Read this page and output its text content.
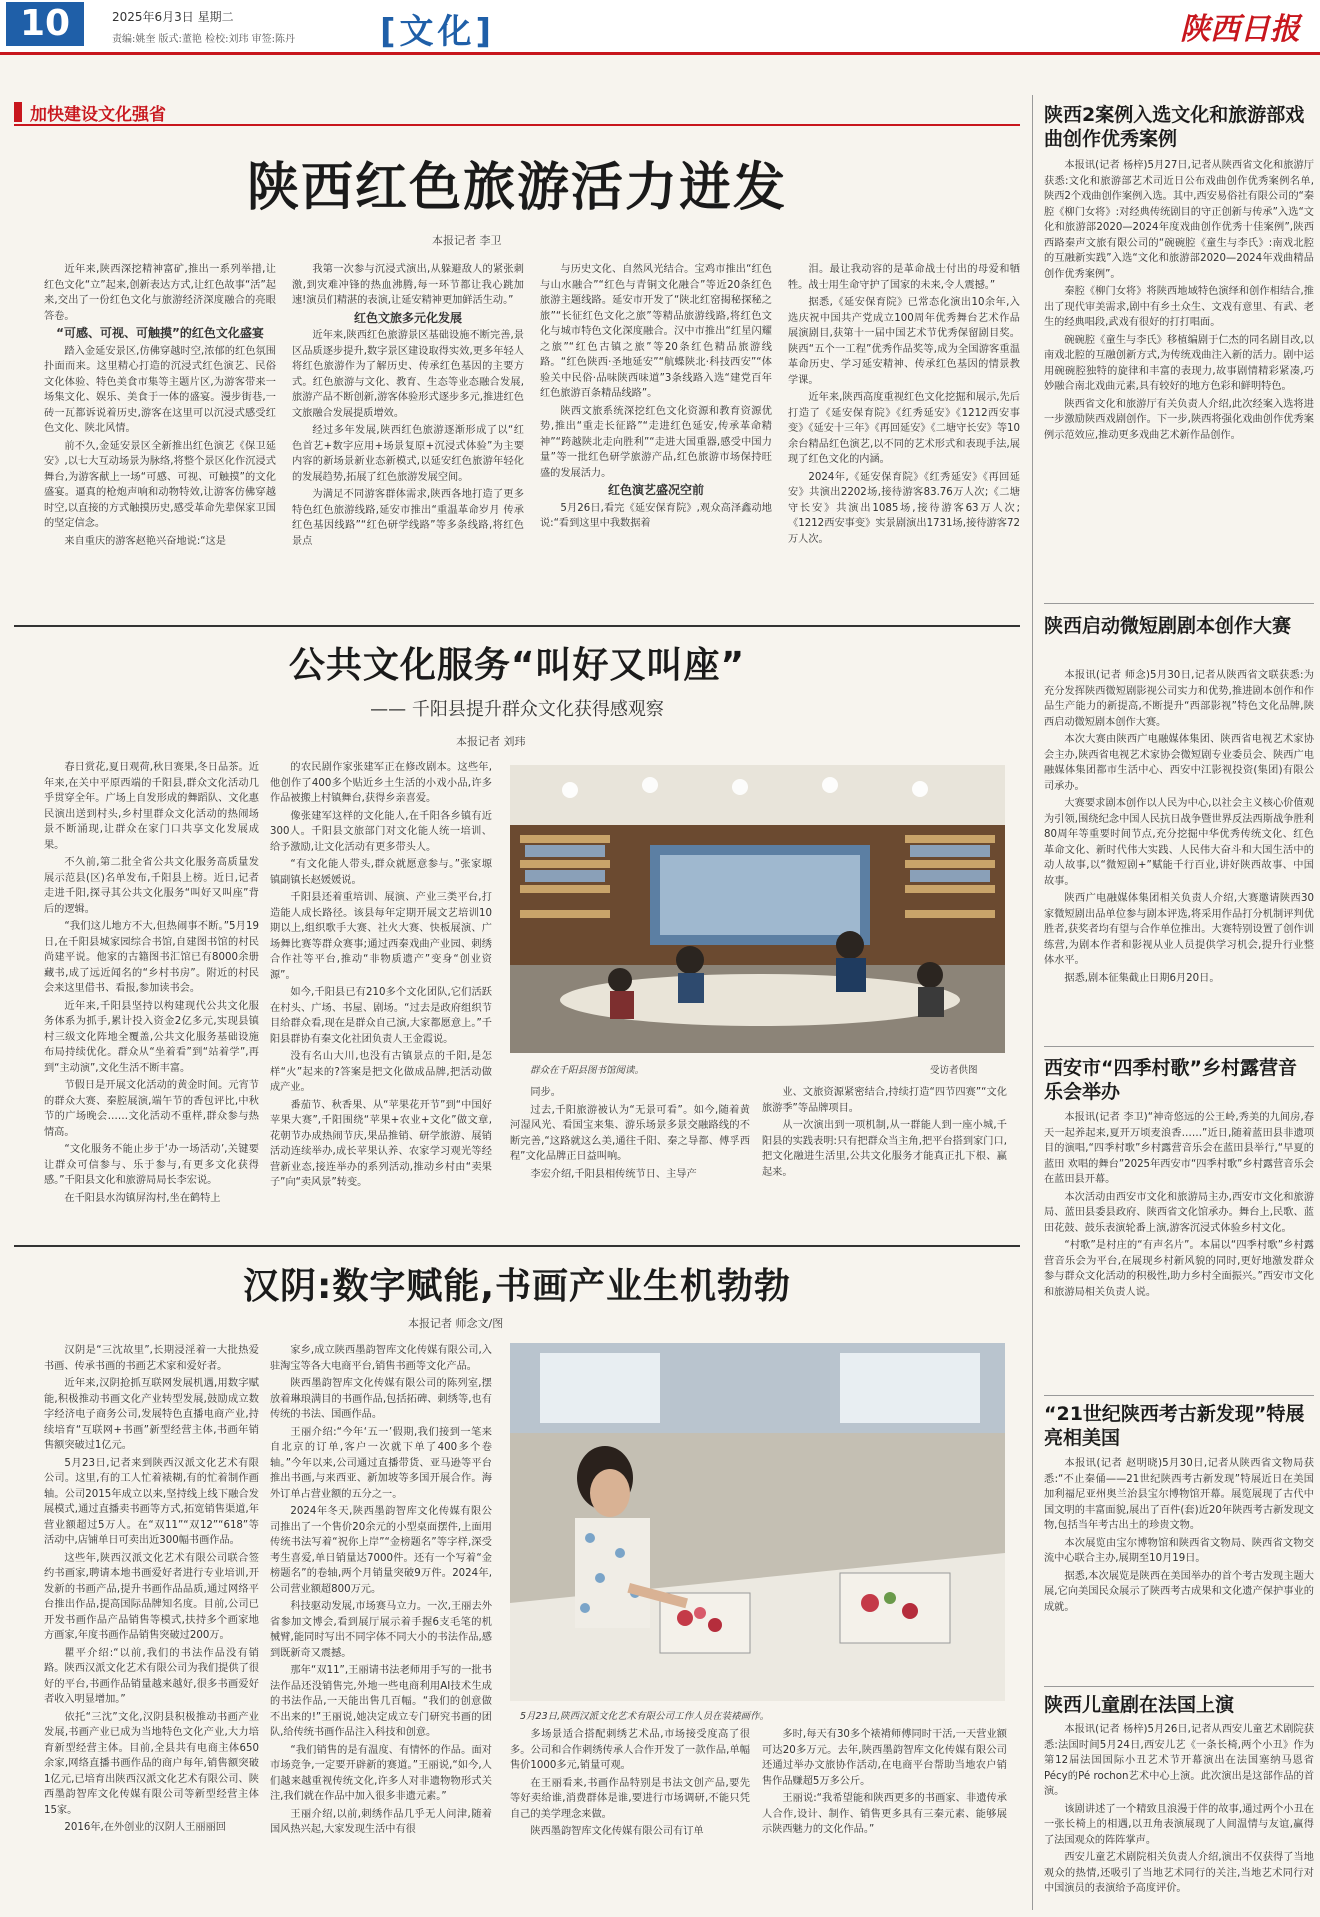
10	2025年6月3日 星期二
责编:姚奎 版式:董艳 检校:刘玮 审签:陈丹 [文化]	陕西日报
加快建设文化强省
陕西红色旅游活力迸发
本报记者 李卫

近年来,陕西深挖精神富矿,推出一系列举措,让红色文化“立”起来,创新表达方式,让红色故事“活”起来,交出了一份红色文化与旅游经济深度融合的亮眼答卷。

“可感、可视、可触摸”的红色文化盛宴

踏入金延安景区,仿佛穿越时空,浓郁的红色氛围扑面而来。这里精心打造的沉浸式红色演艺、民俗文化体验、特色美食市集等主题片区,为游客带来一场集文化、娱乐、美食于一体的盛宴。漫步街巷,一砖一瓦都诉说着历史,游客在这里可以沉浸式感受红色文化、陕北风情。

前不久,金延安景区全新推出红色演艺《保卫延安》,以七大互动场景为脉络,将整个景区化作沉浸式舞台,为游客献上一场“可感、可视、可触摸”的文化盛宴。逼真的枪炮声响和动物特效,让游客仿佛穿越时空,以直接的方式触摸历史,感受革命先辈保家卫国的坚定信念。

来自重庆的游客赵艳兴奋地说:“这是

我第一次参与沉浸式演出,从躲避敌人的紧张刺激,到灾难冲锋的热血沸腾,每一环节都让我心跳加速!演员们精湛的表演,让延安精神更加鲜活生动。”

红色文旅多元化发展

近年来,陕西红色旅游景区基础设施不断完善,景区品质逐步提升,数字景区建设取得实效,更多年轻人将红色旅游作为了解历史、传承红色基因的主要方式。红色旅游与文化、教育、生态等业态融合发展,旅游产品不断创新,游客体验形式逐步多元,推进红色文旅融合发展提质增效。

经过多年发展,陕西红色旅游逐渐形成了以“红色首艺+数字应用+场景复原+沉浸式体验”为主要内容的新场景新业态新模式,以延安红色旅游年轻化的发展趋势,拓展了红色旅游发展空间。

为满足不同游客群体需求,陕西各地打造了更多特色红色旅游线路,延安市推出“重温革命岁月 传承红色基因线路”“红色研学线路”等多条线路,将红色景点

与历史文化、自然风光结合。宝鸡市推出“红色与山水融合”“红色与青铜文化融合”等近20条红色旅游主题线路。延安市开发了“陕北红窑揭秘探秘之旅”“长征红色文化之旅”等精品旅游线路,将红色文化与城市特色文化深度融合。汉中市推出“红星闪耀之旅”“红色古镇之旅”等20条红色精品旅游线路。“红色陕西·圣地延安”“航蝶陕北·科技西安”“体验关中民俗·品味陕西味道”3条线路入选“建党百年红色旅游百条精品线路”。

陕西文旅系统深挖红色文化资源和教育资源优势,推出“重走长征路”“走进红色延安,传承革命精神”“跨越陕北走向胜利”“走进大国重器,感受中国力量”等一批红色研学旅游产品,红色旅游市场保持旺盛的发展活力。

红色演艺盛况空前

5月26日,看完《延安保育院》,观众高泽鑫动地说:“看到这里中我数据着

泪。最让我动容的是革命战士付出的母爱和牺牲。战士用生命守护了国家的未来,令人震撼。”

据悉,《延安保育院》已常态化演出10余年,入选庆祝中国共产党成立100周年优秀舞台艺术作品展演剧目,获第十一届中国艺术节优秀保留剧目奖。陕西“五个一工程”优秀作品奖等,成为全国游客重温革命历史、学习延安精神、传承红色基因的情景教学课。

近年来,陕西高度重视红色文化挖掘和展示,先后打造了《延安保育院》《红秀延安》《1212西安事变》《延安十三年》《再回延安》《二塘守长安》等10余台精品红色演艺,以不同的艺术形式和表现手法,展现了红色文化的内涵。

2024年,《延安保育院》《红秀延安》《再回延安》共演出2202场,接待游客83.76万人次;《二塘守长安》共演出1085场,接待游客63万人次;《1212西安事变》实景剧演出1731场,接待游客72万人次。

公共文化服务“叫好又叫座”
—— 千阳县提升群众文化获得感观察
本报记者 刘玮

春日赏花,夏日观荷,秋日赛果,冬日品茶。近年来,在关中平原西端的千阳县,群众文化活动几乎贯穿全年。广场上自发形成的舞蹈队、文化惠民演出送到村头,乡村里群众文化活动的热闹场景不断涌现,让群众在家门口共享文化发展成果。

不久前,第二批全省公共文化服务高质量发展示范县(区)名单发布,千阳县上榜。近日,记者走进千阳,探寻其公共文化服务“叫好又叫座”背后的逻辑。

“我们这儿地方不大,但热闹事不断。”5月19日,在千阳县城家园综合书馆,自建图书馆的村民尚建平说。他家的古籍图书汇馆已有8000余册藏书,成了远近闻名的“乡村书房”。附近的村民会来这里借书、看报,参加读书会。

近年来,千阳县坚持以构建现代公共文化服务体系为抓手,累计投入资金2亿多元,实现县镇村三级文化阵地全覆盖,公共文化服务基础设施布局持续优化。群众从“坐着看”到“站着学”,再到“主动演”,文化生活不断丰富。

节假日是开展文化活动的黄金时间。元宵节的群众大赛、秦腔展演,端午节的香包评比,中秋节的广场晚会……文化活动不重样,群众参与热情高。

“文化服务不能止步于‘办一场活动’,关键要让群众可信参与、乐于参与,有更多文化获得感。”千阳县文化和旅游局局长李宏说。

在千阳县水沟镇屏沟村,坐在鹤特上

的农民剧作家张建军正在修改剧本。这些年,他创作了400多个贴近乡土生活的小戏小品,许多作品被搬上村镇舞台,获得乡亲喜爱。

像张建军这样的文化能人,在千阳各乡镇有近300人。千阳县文旅部门对文化能人统一培训、给予激励,让文化活动有更多带头人。

“有文化能人带头,群众就愿意参与。”张家塬镇副镇长赵媛媛说。

千阳县还着重培训、展演、产业三类平台,打造能人成长路径。该县每年定期开展文艺培训10期以上,组织歌手大赛、社火大赛、快板展演、广场舞比赛等群众赛事;通过西秦戏曲产业园、刺绣合作社等平台,推动“非物质遗产”变身“创业资源”。

如今,千阳县已有210多个文化团队,它们活跃在村头、广场、书屋、剧场。“过去是政府组织节目给群众看,现在是群众自己演,大家都愿意上。”千阳县群协有秦文化社团负责人王金霞说。

没有名山大川,也没有古镇景点的千阳,是怎样“火”起来的?答案是把文化做成品牌,把活动做成产业。

番茄节、秋香果、从“苹果花开节”到“中国好苹果大赛”,千阳围绕“苹果+农业+文化”做文章,花朝节办成热闹节庆,果品推销、研学旅游、展销活动连续举办,成长苹果认养、农家学习观光等经营新业态,接连举办的系列活动,推动乡村由“卖果子”向“卖风景”转变。

群众在千阳县图书馆阅读。	受访者供图

同步。

过去,千阳旅游被认为“无景可看”。如今,随着黄河湿风光、看国宝来集、游乐场景多景交融路线的不断完善,“这路就这么美,通往千阳、秦之导都、傅孚西程”文化品牌正日益叫响。

李宏介绍,千阳县相传统节日、主导产

业、文旅资源紧密结合,持续打造“四节四赛”“文化旅游季”等品牌项目。

从一次演出到一项机制,从一群能人到一座小城,千阳县的实践表明:只有把群众当主角,把平台搭到家门口,把文化融进生活里,公共文化服务才能真正扎下根、赢起来。

汉阴:数字赋能,书画产业生机勃勃
本报记者 师念文/图

汉阴是“三沈故里”,长期浸淫着一大批热爱书画、传承书画的书画艺术家和爱好者。

近年来,汉阴抢抓互联网发展机遇,用数字赋能,积极推动书画文化产业转型发展,鼓励成立数字经济电子商务公司,发展特色直播电商产业,持续培育“互联网+书画”新型经营主体,书画年销售额突破过1亿元。

5月23日,记者来到陕西汉派文化艺术有限公司。这里,有的工人忙着裱糊,有的忙着制作画轴。公司2015年成立以来,坚持线上线下融合发展模式,通过直播卖书画等方式,拓宽销售渠道,年营业额超过5万人。在“双11”“双12”“618”等活动中,店铺单日可卖出近300幅书画作品。

这些年,陕西汉派文化艺术有限公司联合签约书画家,聘请本地书画爱好者进行专业培训,开发新的书画产品,提升书画作品品质,通过网络平台推出作品,提高国际品牌知名度。目前,公司已开发书画作品产品销售等模式,扶持多个画家地方画家,年度书画作品销售突破过200万。

瞿平介绍:“以前,我们的书法作品没有销路。陕西汉派文化艺术有限公司为我们提供了很好的平台,书画作品销量越来越好,很多书画爱好者收入明显增加。”

依托“三沈”文化,汉阴县积极推动书画产业发展,书画产业已成为当地特色文化产业,大力培育新型经营主体。目前,全县共有电商主体650余家,网络直播书画作品的商户每年,销售额突破1亿元,已培育出陕西汉派文化艺术有限公司、陕西墨韵智库文化传媒有限公司等新型经营主体15家。

2016年,在外创业的汉阴人王丽丽回

家乡,成立陕西墨韵智库文化传媒有限公司,入驻淘宝等各大电商平台,销售书画等文化产品。

陕西墨韵智库文化传媒有限公司的陈列室,摆放着琳琅满目的书画作品,包括拓碑、刺绣等,也有传统的书法、国画作品。

王丽介绍:“今年‘五一’假期,我们接到一笔来自北京的订单,客户一次就下单了400多个卷轴。”今年以来,公司通过直播带货、亚马逊等平台推出书画,与来西亚、新加坡等多国开展合作。海外订单占营业额的五分之一。

2024年冬天,陕西墨韵智库文化传媒有限公司推出了一个售价20余元的小型桌面摆件,上面用传统书法写着“祝你上岸”“金榜题名”等字样,深受考生喜爱,单日销量达7000件。还有一个写着“金榜题名”的卷轴,两个月销量突破9万件。2024年,公司营业额超800万元。

科技驱动发展,市场赛马立力。一次,王丽去外省参加文博会,看到展厅展示着手握6支毛笔的机械臂,能同时写出不同字体不同大小的书法作品,感到既新奇又震撼。

那年“双11”,王丽请书法老师用手写的一批书法作品还没销售完,外地一些电商利用AI技术生成的书法作品,一天能出售几百幅。“我们的创意做不出来的!”王丽说,她决定成立专门研究书画的团队,给传统书画作品注入科技和创意。

“我们销售的是有温度、有情怀的作品。面对市场竞争,一定要开辟新的赛道。”王丽说,“如今,人们越来越重视传统文化,许多人对非遗物物形式关注,我们就在作品中加入很多非遗元素。”

王丽介绍,以前,刺绣作品几乎无人问津,随着国风热兴起,大家发现生活中有很

5月23日,陕西汉派文化艺术有限公司工作人员在装裱画作。

多场景适合搭配刺绣艺术品,市场接受度高了很多。公司和合作刺绣传承人合作开发了一款作品,单幅售价1000多元,销量可观。

在王丽看来,书画作品特别是书法文创产品,要先等好卖给谁,消费群体是谁,要进行市场调研,不能只凭自己的美学理念来做。

陕西墨韵智库文化传媒有限公司有订单

多时,每天有30多个裱褙师傅同时干活,一天营业额可达20多万元。去年,陕西墨韵智库文化传媒有限公司还通过举办文旅协作活动,在电商平台帮助当地农户销售作品赚超5万多公斤。

王丽说:“我希望能和陕西更多的书画家、非遗传承人合作,设计、制作、销售更多具有三秦元素、能够展示陕西魅力的文化作品。”

陕西2案例入选文化和旅游部戏曲创作优秀案例

本报讯(记者 杨梓)5月27日,记者从陕西省文化和旅游厅获悉:文化和旅游部艺术司近日公布戏曲创作优秀案例名单,陕西2个戏曲创作案例入选。其中,西安易俗社有限公司的“秦腔《柳门女将》:对经典传统剧目的守正创新与传承”入选“文化和旅游部2020—2024年度戏曲创作优秀十佳案例”,陕西西路秦声文旅有限公司的“碗碗腔《童生与李氏》:南戏北腔的互融新实践”入选“文化和旅游部2020—2024年戏曲精品创作优秀案例”。

秦腔《柳门女将》将陕西地域特色演绎和创作相结合,推出了现代审美需求,剧中有乡土众生、文戏有意里、有武、老生的经典唱段,武戏有很好的打打唱面。

碗碗腔《童生与李氏》移植编剧于仁杰的同名剧目改,以南戏北腔的互融创新方式,为传统戏曲注入新的活力。剧中运用碗碗腔独特的旋律和丰富的表现力,故事剧情精彩紧凑,巧妙融合南北戏曲元素,具有较好的地方色彩和鲜明特色。

陕西省文化和旅游厅有关负责人介绍,此次经案入选将进一步激励陕西戏剧创作。下一步,陕西将强化戏曲创作优秀案例示范效应,推动更多戏曲艺术新作品创作。

陕西启动微短剧剧本创作大赛

本报讯(记者 师念)5月30日,记者从陕西省文联获悉:为充分发挥陕西微短剧影视公司实力和优势,推进剧本创作和作品生产能力的新提高,不断提升“西部影视”特色文化品牌,陕西启动微短剧本创作大赛。

本次大赛由陕西广电融媒体集团、陕西省电视艺术家协会主办,陕西省电视艺术家协会微短剧专业委员会、陕西广电融媒体集团都市生活中心、西安中江影视投资(集团)有限公司承办。

大赛要求剧本创作以人民为中心,以社会主义核心价值观为引领,围绕纪念中国人民抗日战争暨世界反法西斯战争胜利80周年等重要时间节点,充分挖掘中华优秀传统文化、红色革命文化、新时代伟大实践、人民伟大奋斗和大国生活中的动人故事,以“微短剧+”赋能千行百业,讲好陕西故事、中国故事。

陕西广电融媒体集团相关负责人介绍,大赛邀请陕西30家微短剧出品单位参与剧本评选,将采用作品打分机制评判优胜者,获奖者均有望与合作单位推出。大赛特别设置了创作训练营,为剧本作者和影视从业人员提供学习机会,提升行业整体水平。

据悉,剧本征集截止日期6月20日。

西安市“四季村歌”乡村露营音乐会举办

本报讯(记者 李卫)“神奇悠远的公王岭,秀美的九间房,春天一起养起来,夏开万顷麦浪香……”近日,随着蓝田县非遗项目的演唱,“四季村歌”乡村露营音乐会在蓝田县举行,“早夏的蓝田 欢唱的舞台”2025年西安市“四季村歌”乡村露营音乐会在蓝田县开幕。

本次活动由西安市文化和旅游局主办,西安市文化和旅游局、蓝田县委县政府、陕西省文化馆承办。舞台上,民歌、蓝田花鼓、鼓乐表演轮番上演,游客沉浸式体验乡村文化。

“村歌”是村庄的“有声名片”。本届以“四季村歌”乡村露营音乐会为平台,在展现乡村新风貌的同时,更好地激发群众参与群众文化活动的积极性,助力乡村全面振兴。”西安市文化和旅游局相关负责人说。

“21世纪陕西考古新发现”特展亮相美国

本报讯(记者 赵明晓)5月30日,记者从陕西省文物局获悉:“不止秦俑——21世纪陕西考古新发现”特展近日在美国加利福尼亚州奥兰治县宝尔博物馆开幕。展览展现了古代中国文明的丰富面貌,展出了百件(套)近20年陕西考古新发现文物,包括当年考古出土的珍贵文物。

本次展览由宝尔博物馆和陕西省文物局、陕西省文物交流中心联合主办,展期至10月19日。

据悉,本次展览是陕西在美国举办的首个考古发现主题大展,它向美国民众展示了陕西考古成果和文化遗产保护事业的成就。

陕西儿童剧在法国上演

本报讯(记者 杨梓)5月26日,记者从西安儿童艺术剧院获悉:法国时间5月24日,西安儿艺《一条长椅,两个小丑》作为第12届法国国际小丑艺术节开幕演出在法国塞纳马恩省Pécy的Pé rochon艺术中心上演。此次演出是这部作品的首演。

该剧讲述了一个精致且浪漫于伴的故事,通过两个小丑在一张长椅上的相遇,以丑角表演展现了人间温情与友谊,赢得了法国观众的阵阵掌声。

西安儿童艺术剧院相关负责人介绍,演出不仅获得了当地观众的热情,还吸引了当地艺术同行的关注,当地艺术同行对中国演员的表演给予高度评价。
